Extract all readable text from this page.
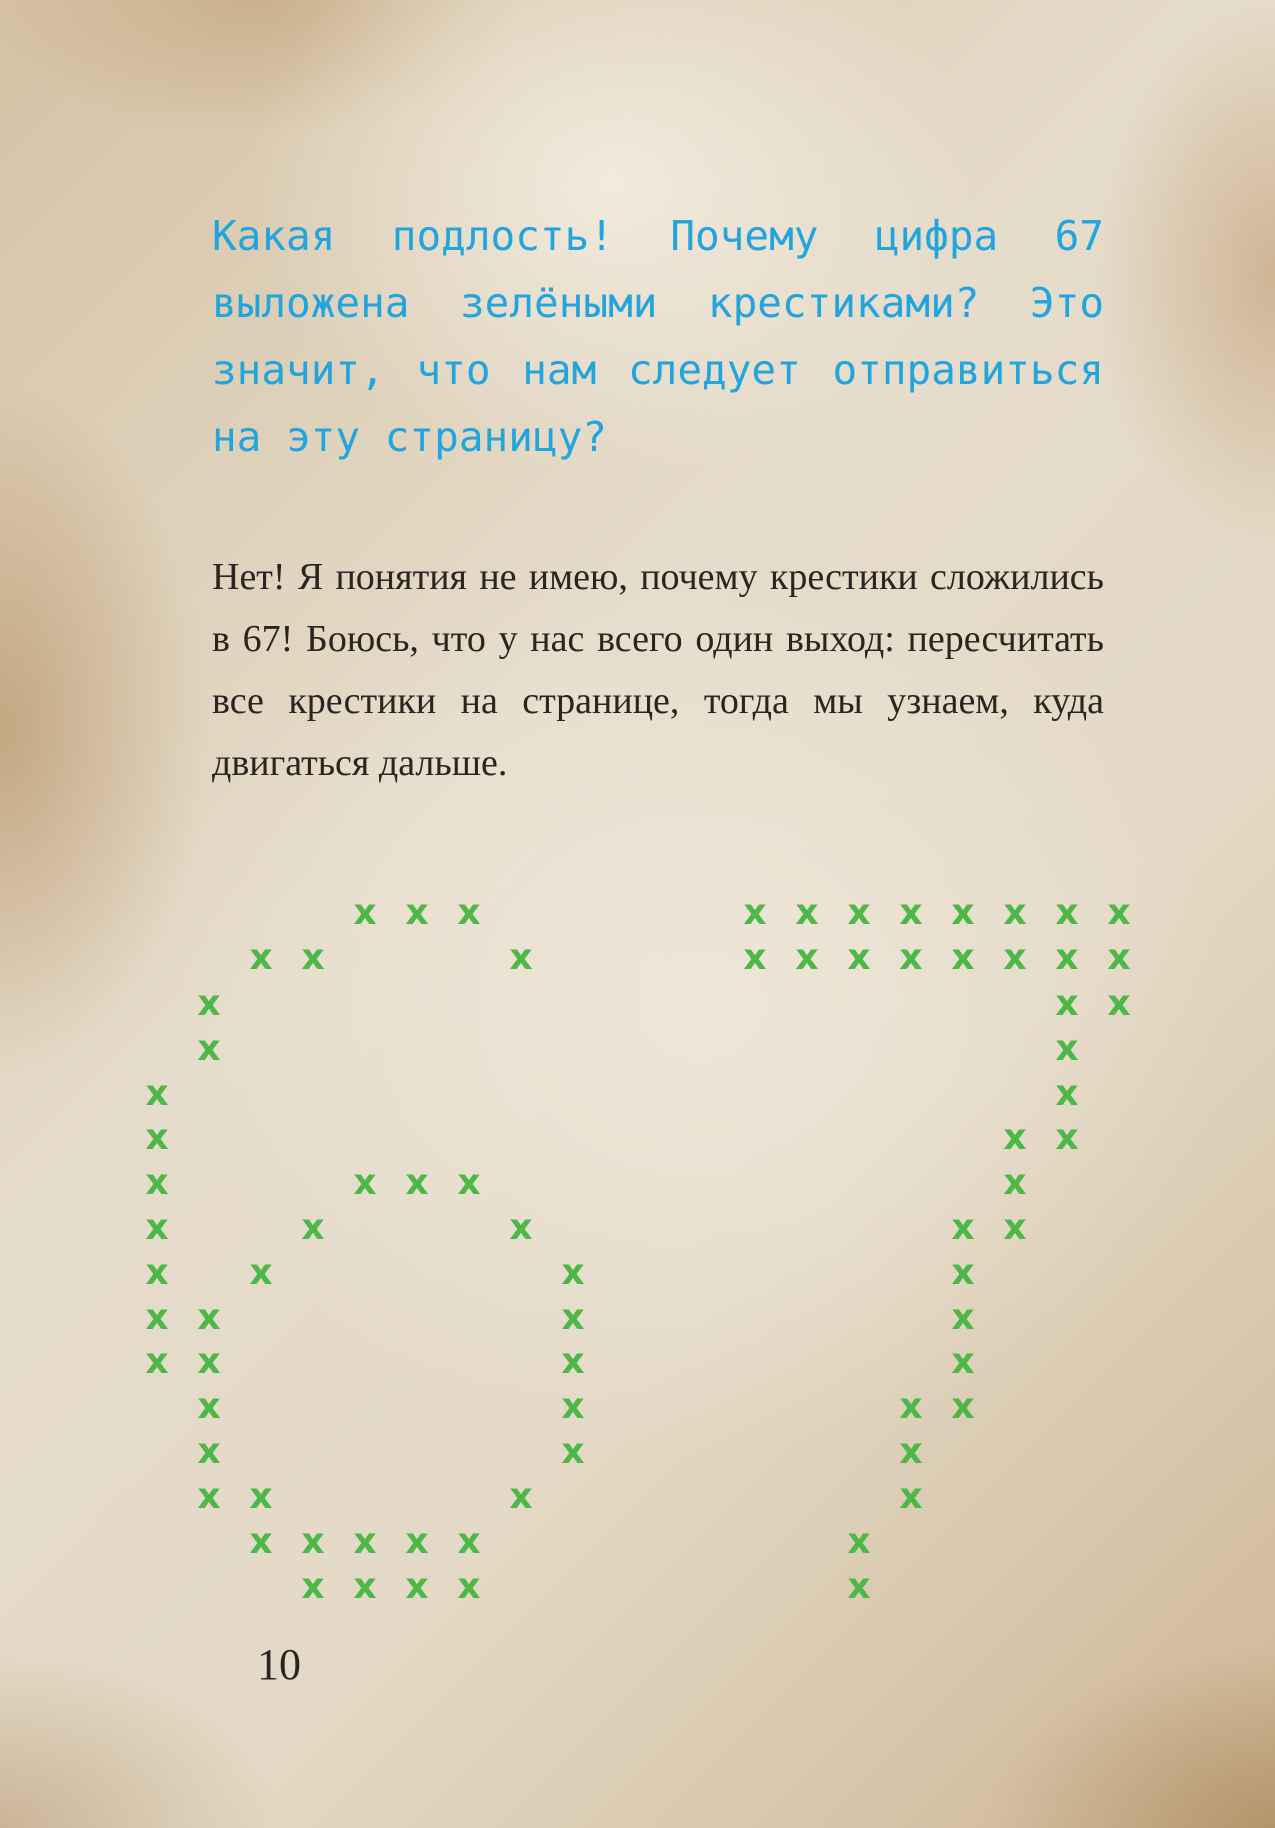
Какая подлость! Почему цифра 67 выложена зелёными крестиками? Это значит, что нам следует отправиться на эту страницу?

Нет! Я понятия не имею, почему крестики сложились в 67! Боюсь, что у нас всего один выход: пересчитать все крестики на странице, тогда мы узнаем, куда двигаться дальше.

x x x	x x x x x x x x
x x	x	x x x x x x x x
x	x x
x	x
x	x
x	x x
x	x x x	x
x	x	x	x x
x x	x	x
x x	x	x
x x	x	x
x	x	x x
x	x	x
x x	x	x
x x x x x	x
x x x x	x

10
